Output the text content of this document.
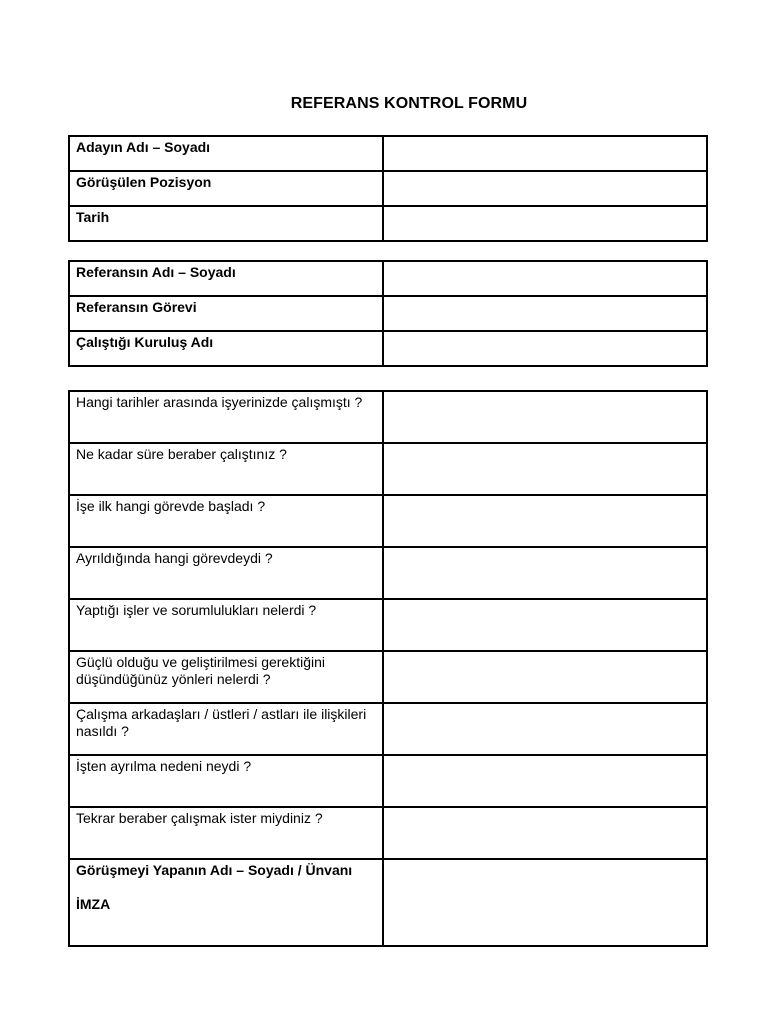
REFERANS KONTROL FORMU
Adayın Adı – Soyadı	
Görüşülen Pozisyon	
Tarih	
Referansın Adı – Soyadı	
Referansın Görevi	
Çalıştığı Kuruluş Adı	
Hangi tarihler arasında işyerinizde çalışmıştı ?	
Ne kadar süre beraber çalıştınız ?	
İşe ilk hangi görevde başladı ?	
Ayrıldığında hangi görevdeydi ?	
Yaptığı işler ve sorumlulukları nelerdi ?	
Güçlü olduğu ve geliştirilmesi gerektiğini düşündüğünüz yönleri nelerdi ?	
Çalışma arkadaşları / üstleri / astları ile ilişkileri nasıldı ?	
İşten ayrılma nedeni neydi ?	
Tekrar beraber çalışmak ister miydiniz ?	

Görüşmeyi Yapanın Adı – Soyadı / Ünvanı
İMZA	
